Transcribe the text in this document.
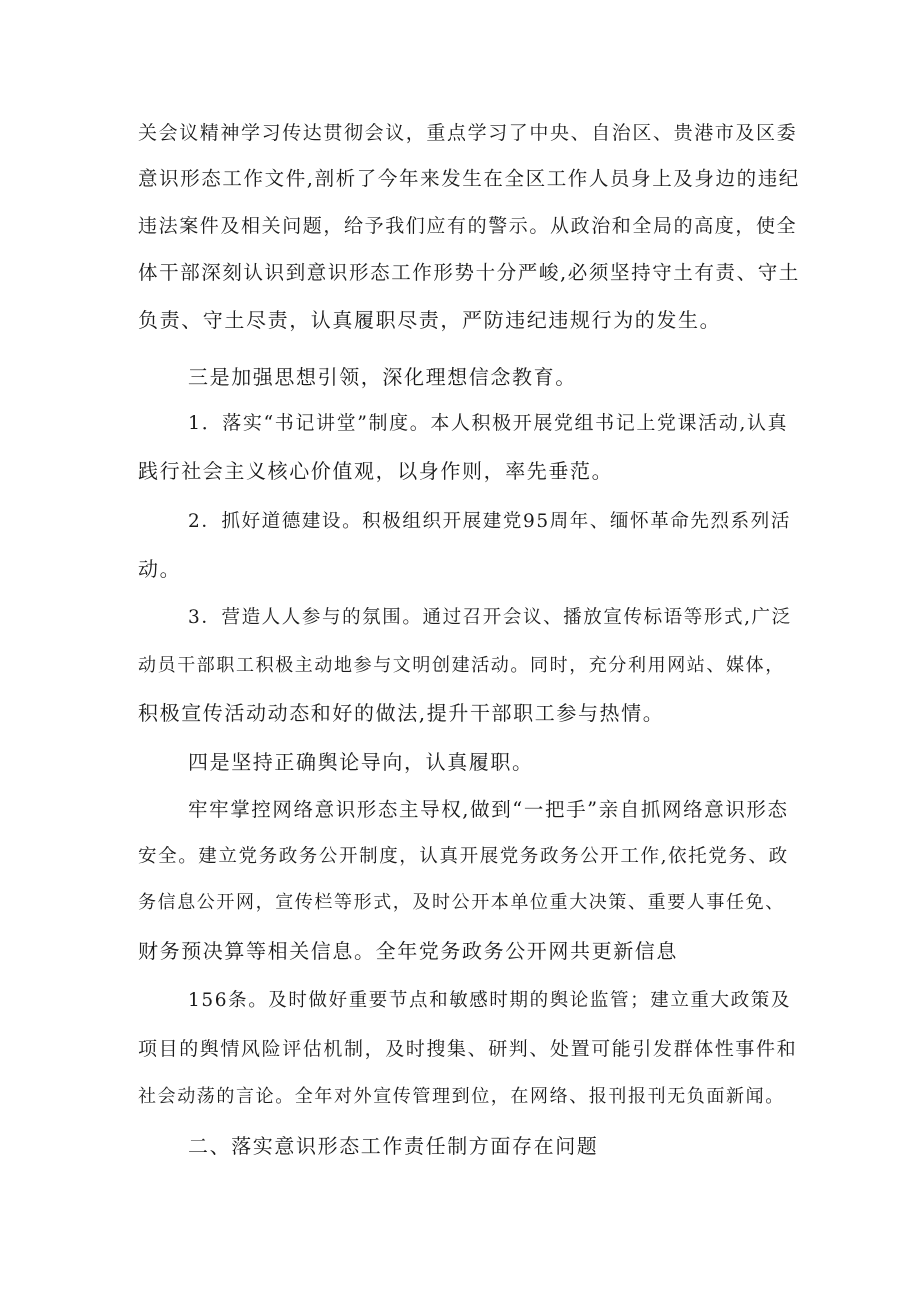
关会议精神学习传达贯彻会议，重点学习了中央、自治区、贵港市及区委
意识形态工作文件,剖析了今年来发生在全区工作人员身上及身边的违纪
违法案件及相关问题，给予我们应有的警示。从政治和全局的高度，使全
体干部深刻认识到意识形态工作形势十分严峻,必须坚持守土有责、守土
负责、守土尽责，认真履职尽责，严防违纪违规行为的发生。
三是加强思想引领，深化理想信念教育。
1．落实“书记讲堂”制度。本人积极开展党组书记上党课活动,认真
践行社会主义核心价值观，以身作则，率先垂范。
2．抓好道德建设。积极组织开展建党95周年、缅怀革命先烈系列活
动。
3．营造人人参与的氛围。通过召开会议、播放宣传标语等形式,广泛
动员干部职工积极主动地参与文明创建活动。同时，充分利用网站、媒体，
积极宣传活动动态和好的做法,提升干部职工参与热情。
四是坚持正确舆论导向，认真履职。
牢牢掌控网络意识形态主导权,做到“一把手”亲自抓网络意识形态
安全。建立党务政务公开制度，认真开展党务政务公开工作,依托党务、政
务信息公开网，宣传栏等形式，及时公开本单位重大决策、重要人事任免、
财务预决算等相关信息。全年党务政务公开网共更新信息
156条。及时做好重要节点和敏感时期的舆论监管；建立重大政策及
项目的舆情风险评估机制，及时搜集、研判、处置可能引发群体性事件和
社会动荡的言论。全年对外宣传管理到位，在网络、报刊报刊无负面新闻。
二、落实意识形态工作责任制方面存在问题
